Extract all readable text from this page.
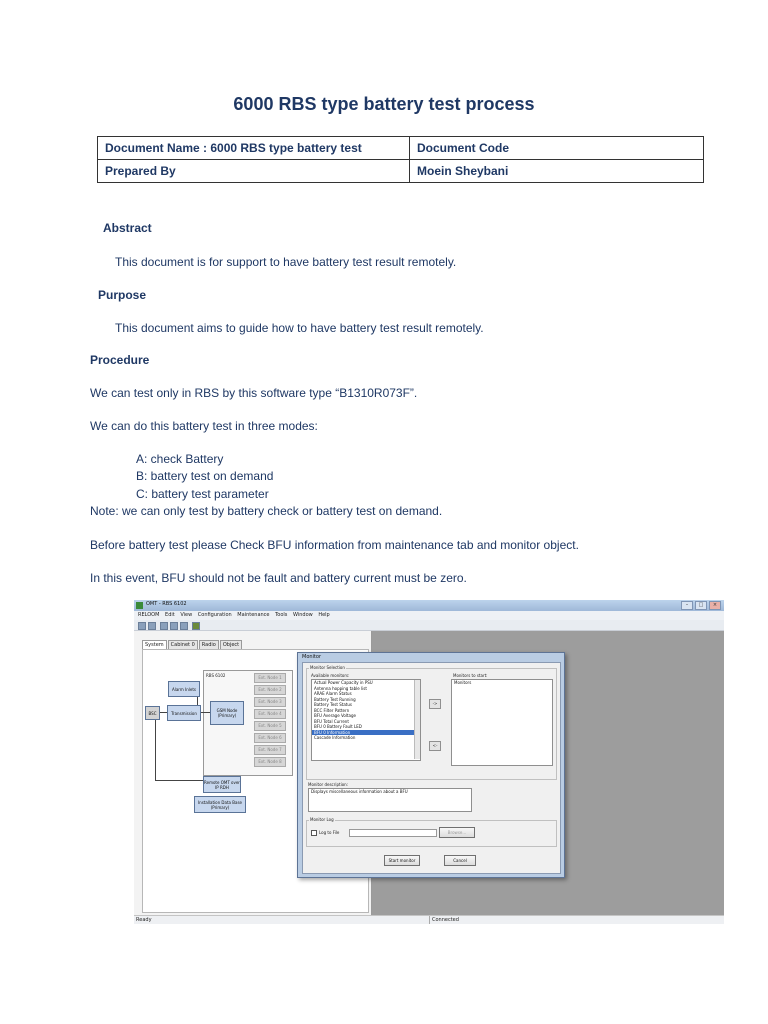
6000 RBS type battery test process
Document Name : 6000 RBS type battery test	Document Code
Prepared By	Moein Sheybani
Abstract
This document is for support to have battery test result remotely.
Purpose
This document aims to guide how to have battery test result remotely.
Procedure
We can test only in RBS by this software type “B1310R073F”.
We can do this battery test in three modes:
A: check Battery
B: battery test on demand
C: battery test parameter
Note: we can only test by battery check or battery test on demand.
Before battery test please Check BFU information from maintenance tab and monitor object.
In this event, BFU should not be fault and battery current must be zero.
OMT - RBS 6102	–	□	×
RELOOM Edit View Configuration Maintenance Tools Window Help
System	Cabinet 0	Radio	Object
RBS 6102	Ext. Node 1
Ext. Node 2
Ext. Node 3
Ext. Node 4
Ext. Node 5
Ext. Node 6
Ext. Node 7
Ext. Node 8
Alarm Inlets
BSC	Transmission	GSM Node (Primary)
Remote OMT over IP RDH
Installation Data Base (Primary)
Ready	Connected
Monitor
Monitor Selection
Available monitors:	Monitors to start:
Actual Power Capacity in PSU
Antenna hopping table list
ARAE Alarm Status
Battery Test Running
Battery Test Status
BCC Filter Pattern
BFU Average Voltage
BFU Total Current
BFU 0 Battery Fault LED
BFU 0 Information
Cascade Information
->
<-
Monitors
Monitor description:
Displays miscellaneous information about a BFU
Monitor Log
Log to File	Browse...
Start monitor	Cancel
